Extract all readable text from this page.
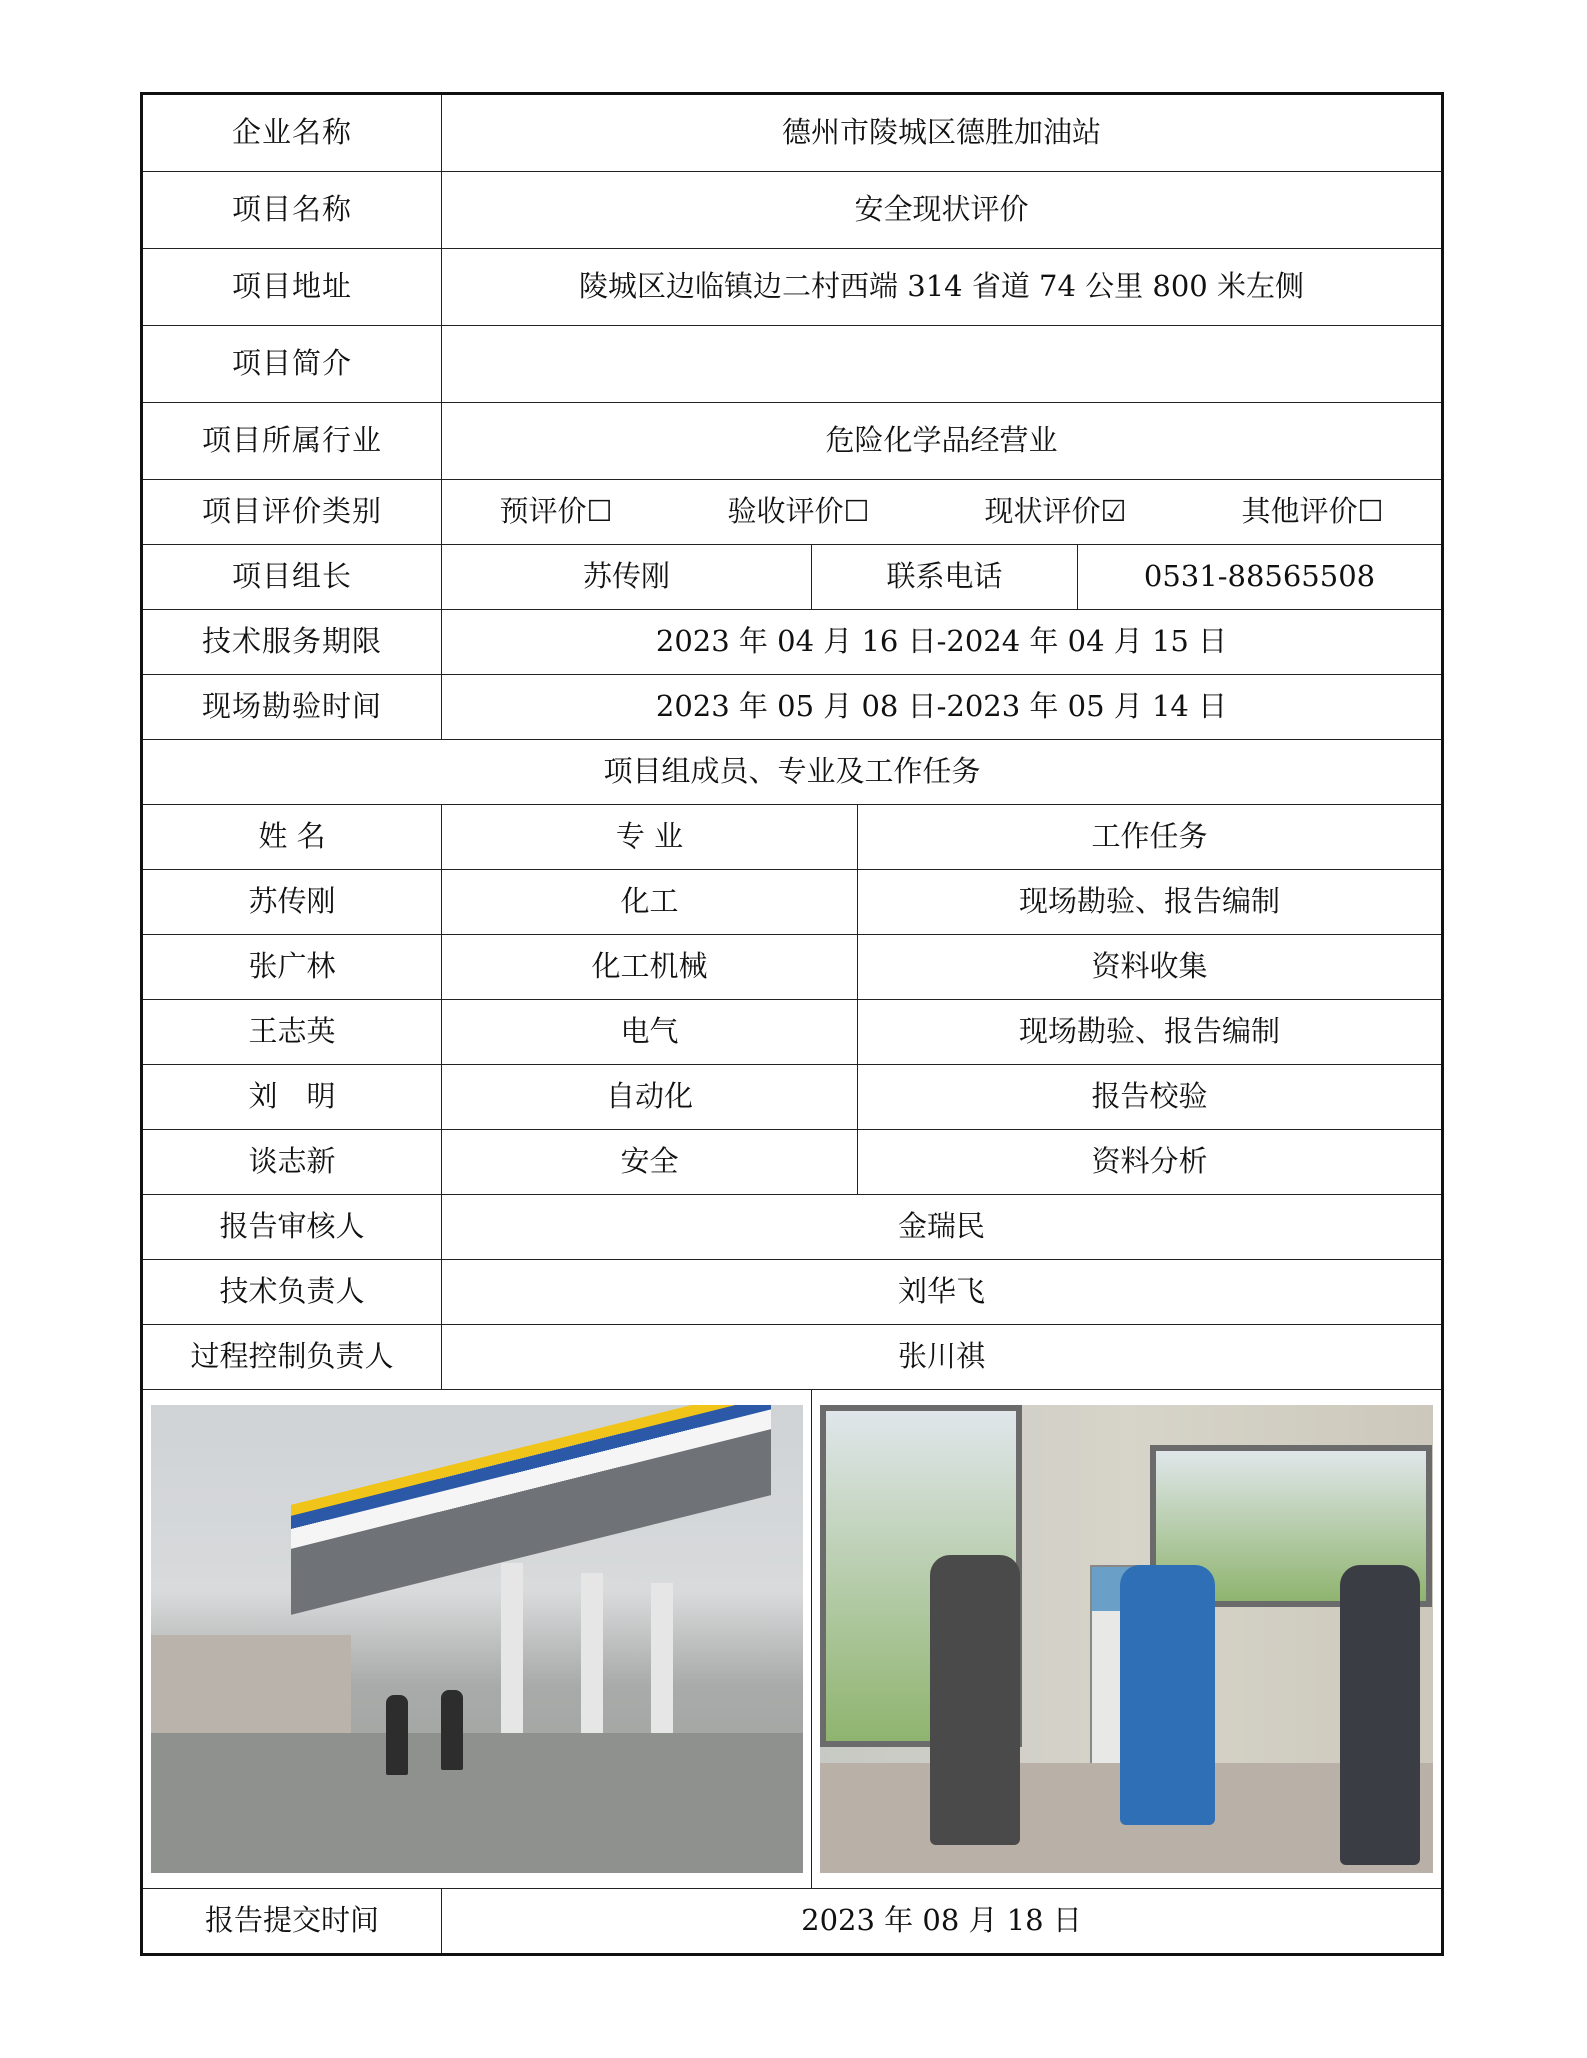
企业名称	德州市陵城区德胜加油站			
项目名称	安全现状评价			
项目地址	陵城区边临镇边二村西端 314 省道 74 公里 800 米左侧			
项目简介				
项目所属行业	危险化学品经营业			
项目评价类别	预评价☐ 验收评价☐ 现状评价☑ 其他评价☐			

项目组长	苏传刚	联系电话		0531-88565508
技术服务期限	2023 年 04 月 16 日-2024 年 04 月 15 日			
现场勘验时间	2023 年 05 月 08 日-2023 年 05 月 14 日			
项目组成员、专业及工作任务				
姓 名	专 业		工作任务	
苏传刚	化工		现场勘验、报告编制	
张广林	化工机械		资料收集	
王志英	电气		现场勘验、报告编制	
刘　明	自动化		报告校验	
谈志新	安全		资料分析	
报告审核人	金瑞民			
技术负责人	刘华飞			
过程控制负责人	张川祺			

报告提交时间	2023 年 08 月 18 日			
